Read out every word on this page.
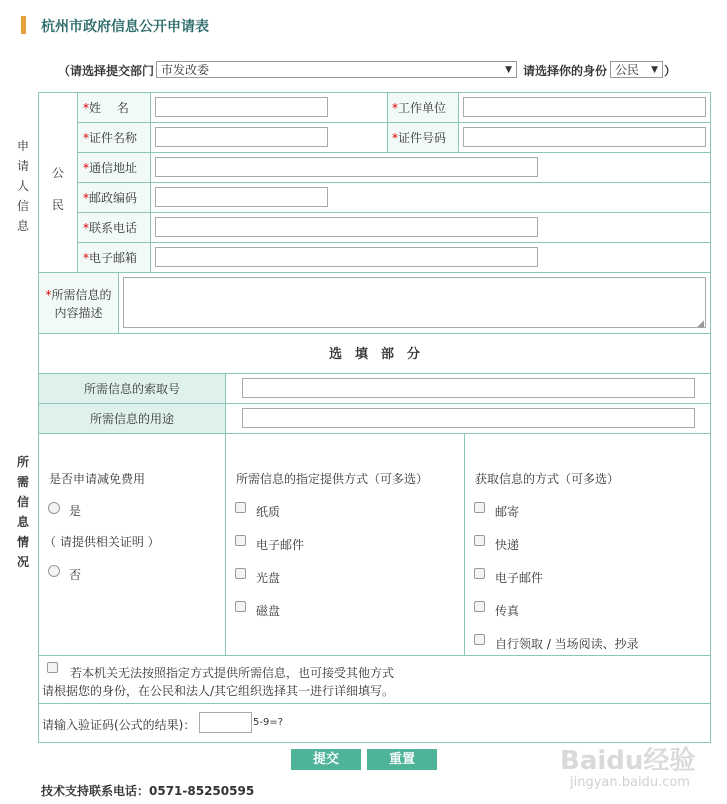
杭州市政府信息公开申请表
（请选择提交部门 市发改委	▼ 请选择你的身份 公民 ▼ ）
申请人信息
所需信息情况
公民
* 姓　 名	* 工作单位
* 证件名称	* 证件号码
* 通信地址
* 邮政编码
* 联系电话
* 电子邮箱
*所需信息的
内容描述
◢
选　填　部　分
所需信息的索取号
所需信息的用途
是否申请减免费用
是
（ 请提供相关证明 ）
否
所需信息的指定提供方式（可多选）
纸质
电子邮件
光盘
磁盘
获取信息的方式（可多选）
邮寄
快递
电子邮件
传真
自行领取 / 当场阅读、抄录
若本机关无法按照指定方式提供所需信息，也可接受其他方式
请根据您的身份，在公民和法人/其它组织选择其一进行详细填写。
请输入验证码(公式的结果)：	5-9=?
提交	重置
技术支持联系电话：0571-85250595
Baidu经验
jingyan.baidu.com
